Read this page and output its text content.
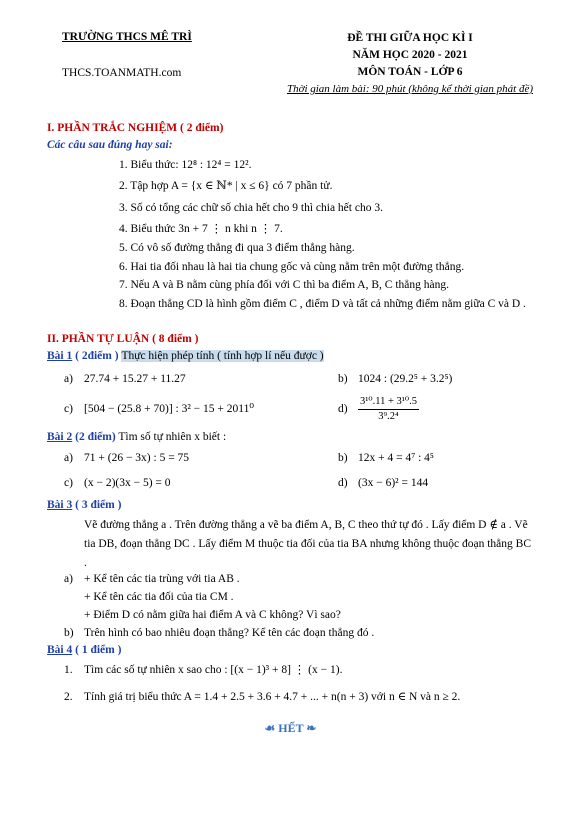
TRƯỜNG THCS MÊ TRÌ
THCS.TOANMATH.com
ĐỀ THI GIỮA HỌC KÌ I
NĂM HỌC 2020 - 2021
MÔN TOÁN - LỚP 6
Thời gian làm bài: 90 phút (không kể thời gian phát đề)
I. PHẦN TRẮC NGHIỆM ( 2 điểm)
Các câu sau đúng hay sai:
1. Biểu thức: 12⁸ : 12⁴ = 12².
2. Tập hợp A = {x ∈ ℕ* | x ≤ 6} có 7 phần tử.
3. Số có tổng các chữ số chia hết cho 9 thì chia hết cho 3.
4. Biểu thức 3n + 7 ⋮ n khi n ⋮ 7.
5. Có vô số đường thẳng đi qua 3 điểm thẳng hàng.
6. Hai tia đối nhau là hai tia chung gốc và cùng nằm trên một đường thẳng.
7. Nếu A và B nằm cùng phía đối với C thì ba điểm A, B, C thẳng hàng.
8. Đoạn thẳng CD là hình gồm điểm C , điểm D và tất cả những điểm nằm giữa C và D .
II. PHẦN TỰ LUẬN ( 8 điểm )
Bài 1 ( 2điểm ) Thực hiện phép tính ( tính hợp lí nếu được )
a) 27.74 + 15.27 + 11.27	b) 1024 : (29.2⁵ + 3.2⁵)
c) [504 − (25.8 + 70)] : 3² − 15 + 2011⁰	$d) \frac{\text{3¹⁰.11 + 3¹⁰.5}}{\text{3⁹.2⁴}}$
Bài 2 (2 điểm) Tìm số tự nhiên x biết :
a) 71 + (26 − 3x) : 5 = 75	b) 12x + 4 = 4⁷ : 4⁵
c) (x − 2)(3x − 5) = 0	d) (3x − 6)² = 144
Bài 3 ( 3 điểm )
Vẽ đường thẳng a . Trên đường thẳng a vẽ ba điểm A, B, C theo thứ tự đó . Lấy điểm D ∉ a . Vẽ tia DB, đoạn thẳng DC . Lấy điểm M thuộc tia đối của tia BA nhưng không thuộc đoạn thẳng BC .
a) + Kể tên các tia trùng với tia AB .
+ Kể tên các tia đối của tia CM .
+ Điểm D có nằm giữa hai điểm A và C không? Vì sao?
b) Trên hình có bao nhiêu đoạn thẳng? Kể tên các đoạn thẳng đó .
Bài 4 ( 1 điểm )
1. Tìm các số tự nhiên x sao cho : [(x − 1)³ + 8] ⋮ (x − 1).
2. Tính giá trị biểu thức A = 1.4 + 2.5 + 3.6 + 4.7 + ... + n(n + 3) với n ∈ N và n ≥ 2.
☙ HẾT ❧
